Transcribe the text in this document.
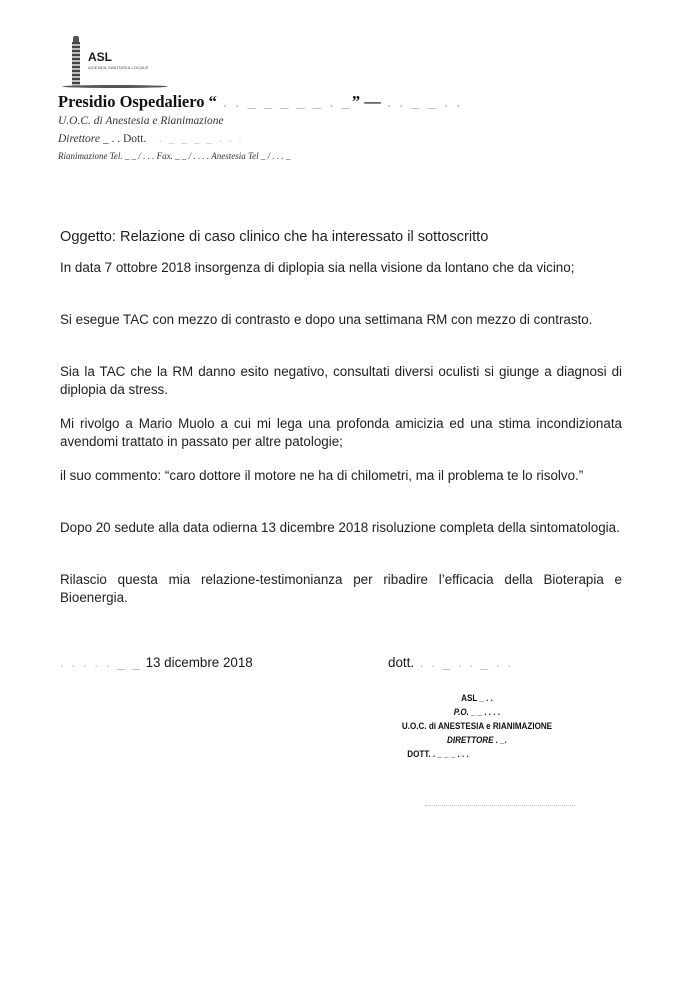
ASL
AZIENDA SANITARIA LOCALE
Presidio Ospedaliero “ . . _ _ _ _ _ . _” — . . _ _ . .
U.O.C. di Anestesia e Rianimazione
Direttore _ . . Dott.   . _ _ _ _ . . .
Rianimazione Tel. _ _ / . . . Fax. _ _ / . . . . Anestesia Tel _ / . . . _
Oggetto: Relazione di caso clinico che ha interessato il sottoscritto
In data 7 ottobre 2018 insorgenza di diplopia sia nella visione da lontano che da vicino;
Si esegue TAC con mezzo di contrasto e dopo una settimana RM con mezzo di contrasto.
Sia la TAC che la RM danno esito negativo, consultati diversi oculisti si giunge a diagnosi di diplopia da stress.
Mi rivolgo a Mario Muolo a cui mi lega una profonda amicizia ed una stima incondizionata avendomi trattato in passato per altre patologie;
il suo commento: “caro dottore il motore ne ha di chilometri, ma il problema te lo risolvo.”
Dopo 20 sedute alla data odierna 13 dicembre 2018 risoluzione completa della sintomatologia.
Rilascio questa mia relazione-testimonianza per ribadire l’efficacia della Bioterapia e Bioenergia.
. . . . . _ _ 13 dicembre 2018	dott. . . _ . . _ . .
ASL _ . .
P.O. _ _ . . . .
U.O.C. di ANESTESIA e RIANIMAZIONE
DIRETTORE . _.
DOTT. . _ _ _ . . .
